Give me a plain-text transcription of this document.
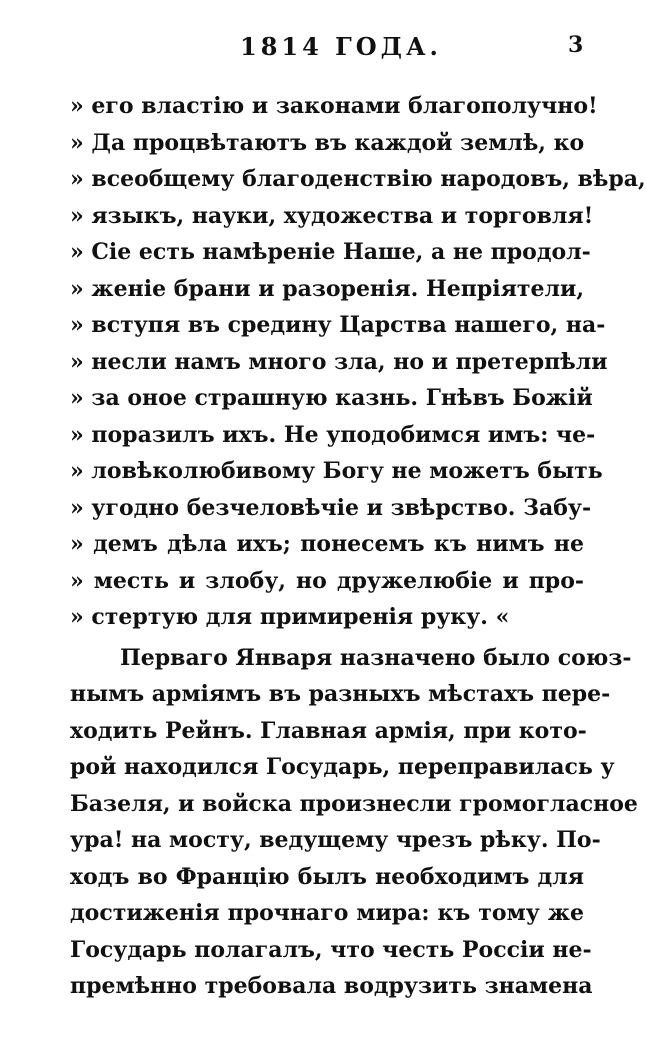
1814 ГОДА.	3
» его властію и законами благополучно!
» Да процвѣтаютъ въ каждой землѣ, ко
» всеобщему благоденствію народовъ, вѣра,
» языкъ, науки, художества и торговля!
» Сіе есть намѣреніе Наше, а не продол-
» женіе брани и разоренія. Непріятели,
» вступя въ средину Царства нашего, на-
» несли намъ много зла, но и претерпѣли
» за оное страшную казнь. Гнѣвъ Божій
» поразилъ ихъ. Не уподобимся имъ: че-
» ловѣколюбивому Богу не можетъ быть
» угодно безчеловѣчіе и звѣрство. Забу-
» демъ дѣла ихъ; понесемъ къ нимъ не
» месть и злобу, но дружелюбіе и про-
» стертую для примиренія руку. «
Перваго Января назначено было союз-
нымъ арміямъ въ разныхъ мѣстахъ пере-
ходить Рейнъ. Главная армія, при кото-
рой находился Государь, переправилась у
Базеля, и войска произнесли громогласное
ура! на мосту, ведущему чрезъ рѣку. По-
ходъ во Францію былъ необходимъ для
достиженія прочнаго мира: къ тому же
Государь полагалъ, что честь Россіи не-
премѣнно требовала водрузить знамена
